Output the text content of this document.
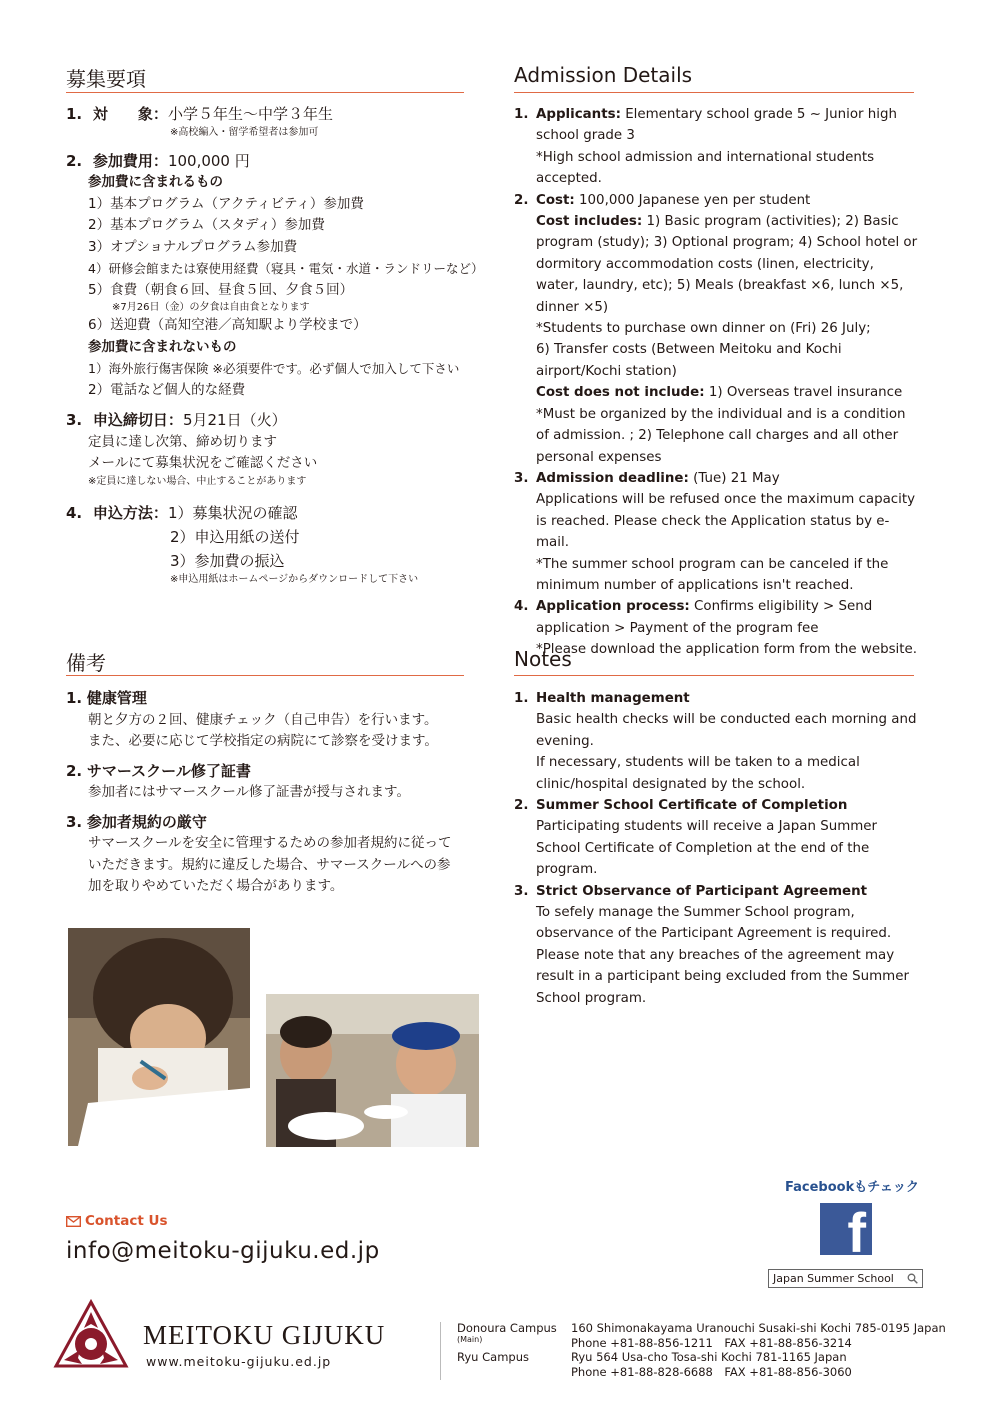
募集要項
1. 対　　象：小学５年生〜中学３年生
※高校編入・留学希望者は参加可
2. 参加費用：100,000 円
参加費に含まれるもの
1）基本プログラム（アクティビティ）参加費
2）基本プログラム（スタディ）参加費
3）オプショナルプログラム参加費
4）研修会館または寮使用経費（寝具・電気・水道・ランドリーなど）
5）食費（朝食６回、昼食５回、夕食５回）
※7月26日（金）の夕食は自由食となります
6）送迎費（高知空港／高知駅より学校まで）
参加費に含まれないもの
1）海外旅行傷害保険 ※必須要件です。必ず個人で加入して下さい
2）電話など個人的な経費
3. 申込締切日：5月21日（火）
定員に達し次第、締め切ります
メールにて募集状況をご確認ください
※定員に達しない場合、中止することがあります
4. 申込方法：1）募集状況の確認
2）申込用紙の送付
3）参加費の振込
※申込用紙はホームページからダウンロードして下さい
Admission Details
1. Applicants: Elementary school grade 5 ~ Junior high school grade 3
*High school admission and international students accepted.
2. Cost: 100,000 Japanese yen per student
Cost includes: 1) Basic program (activities); 2) Basic program (study); 3) Optional program; 4) School hotel or dormitory accommodation costs (linen, electricity, water, laundry, etc); 5) Meals (breakfast ×6, lunch ×5, dinner ×5)
*Students to purchase own dinner on (Fri) 26 July;
6) Transfer costs (Between Meitoku and Kochi airport/Kochi station)
Cost does not include: 1) Overseas travel insurance
*Must be organized by the individual and is a condition of admission. ; 2) Telephone call charges and all other personal expenses
3. Admission deadline: (Tue) 21 May
Applications will be refused once the maximum capacity is reached. Please check the Application status by e-mail.
*The summer school program can be canceled if the minimum number of applications isn't reached.
4. Application process: Confirms eligibility > Send application > Payment of the program fee
*Please download the application form from the website.
備考
1. 健康管理
朝と夕方の２回、健康チェック（自己申告）を行います。
また、必要に応じて学校指定の病院にて診察を受けます。
2. サマースクール修了証書
参加者にはサマースクール修了証書が授与されます。
3. 参加者規約の厳守
サマースクールを安全に管理するための参加者規約に従って
いただきます。規約に違反した場合、サマースクールへの参
加を取りやめていただく場合があります。
Notes
1. Health management
Basic health checks will be conducted each morning and evening.
If necessary, students will be taken to a medical clinic/hospital designated by the school.
2. Summer School Certificate of Completion
Participating students will receive a Japan Summer School Certificate of Completion at the end of the program.
3. Strict Observance of Participant Agreement
To sefely manage the Summer School program, observance of the Participant Agreement is required. Please note that any breaches of the agreement may result in a participant being excluded from the Summer School program.
Contact Us
info@meitoku-gijuku.ed.jp
Facebookもチェック
f
Japan Summer School
MEITOKU GIJUKU
www.meitoku-gijuku.ed.jp
Donoura Campus
(Main)
Ryu Campus
160 Shimonakayama Uranouchi Susaki-shi Kochi 785-0195 Japan
Phone +81-88-856-1211　FAX +81-88-856-3214
Ryu 564 Usa-cho Tosa-shi Kochi 781-1165 Japan
Phone +81-88-828-6688　FAX +81-88-856-3060
